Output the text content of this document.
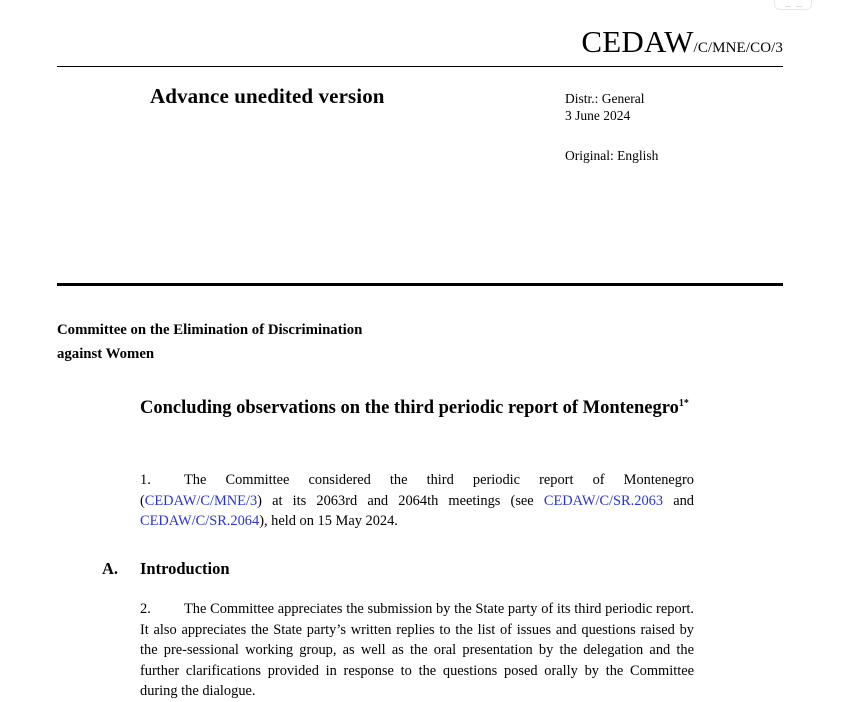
CEDAW/C/MNE/CO/3
Advance unedited version	Distr.: General
3 June 2024
Original: English
Committee on the Elimination of Discrimination
against Women
Concluding observations on the third periodic report of Montenegro$^{1*}$
1. The Committee considered the third periodic report of Montenegro (CEDAW/C/MNE/3) at its 2063rd and 2064th meetings (see CEDAW/C/SR.2063 and CEDAW/C/SR.2064), held on 15 May 2024.
A. Introduction
2. The Committee appreciates the submission by the State party of its third periodic report. It also appreciates the State party’s written replies to the list of issues and questions raised by the pre-sessional working group, as well as the oral presentation by the delegation and the further clarifications provided in response to the questions posed orally by the Committee during the dialogue.
